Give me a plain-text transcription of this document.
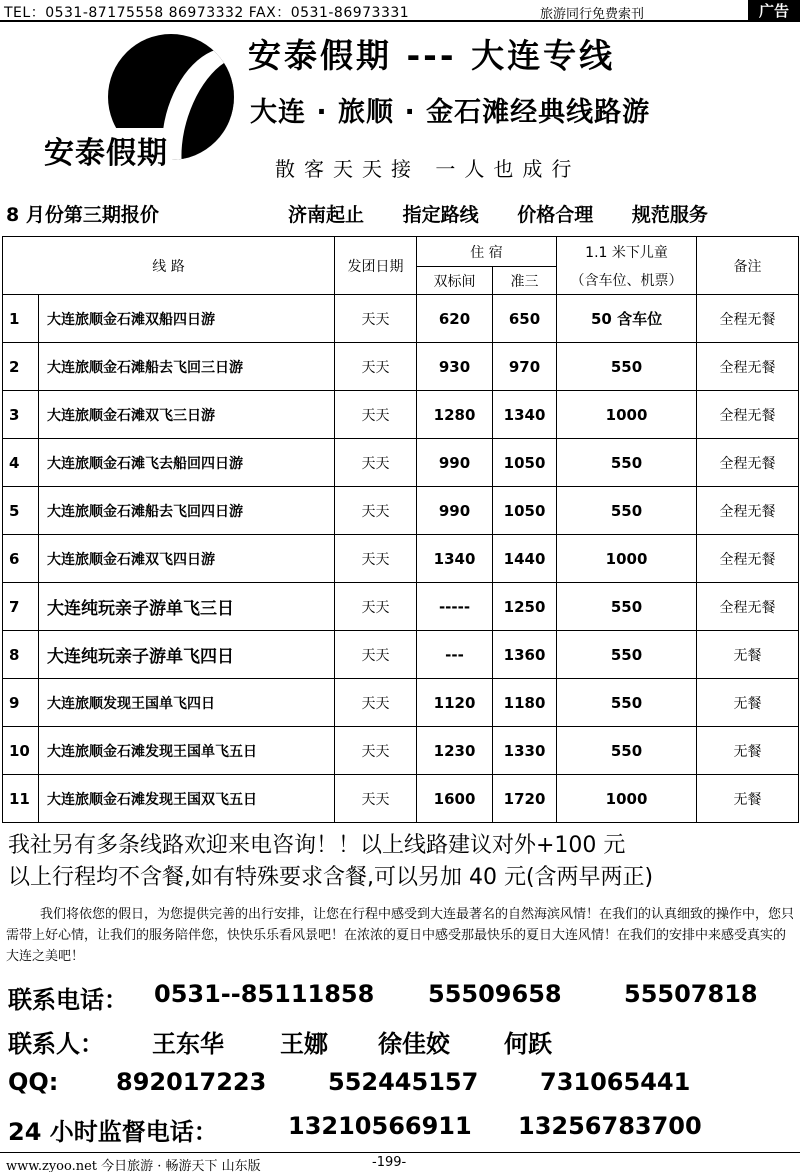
TEL：0531-87175558 86973332 FAX：0531-86973331	旅游同行免费索刊	广告
安泰假期
安泰假期 --- 大连专线
大连 · 旅顺 · 金石滩经典线路游
散客天天接 一人也成行
8 月份第三期报价	济南起止 指定路线 价格合理 规范服务
线 路		发团日期	住 宿		1.1 米下儿童	备注
			双标间	准三	（含车位、机票）	
1	大连旅顺金石滩双船四日游	天天	620	650	50 含车位	全程无餐
2	大连旅顺金石滩船去飞回三日游	天天	930	970	550	全程无餐
3	大连旅顺金石滩双飞三日游	天天	1280	1340	1000	全程无餐
4	大连旅顺金石滩飞去船回四日游	天天	990	1050	550	全程无餐
5	大连旅顺金石滩船去飞回四日游	天天	990	1050	550	全程无餐
6	大连旅顺金石滩双飞四日游	天天	1340	1440	1000	全程无餐
7	大连纯玩亲子游单飞三日	天天	-----	1250	550	全程无餐
8	大连纯玩亲子游单飞四日	天天	---	1360	550	无餐
9	大连旅顺发现王国单飞四日	天天	1120	1180	550	无餐
10	大连旅顺金石滩发现王国单飞五日	天天	1230	1330	550	无餐
11	大连旅顺金石滩发现王国双飞五日	天天	1600	1720	1000	无餐
我社另有多条线路欢迎来电咨询！！以上线路建议对外+100 元
以上行程均不含餐,如有特殊要求含餐,可以另加 40 元(含两早两正)
我们将依您的假日，为您提供完善的出行安排，让您在行程中感受到大连最著名的自然海滨风情！在我们的认真细致的操作中，您只需带上好心情，让我们的服务陪伴您，快快乐乐看风景吧！在浓浓的夏日中感受那最快乐的夏日大连风情！在我们的安排中来感受真实的大连之美吧！
联系电话： 0531--85111858 55509658	55507818
联系人： 王东华 王娜 徐佳姣 何跃
QQ: 892017223	552445157	731065441
24 小时监督电话：	13210566911 13256783700
www.zyoo.net 今日旅游 · 畅游天下 山东版	-199-
